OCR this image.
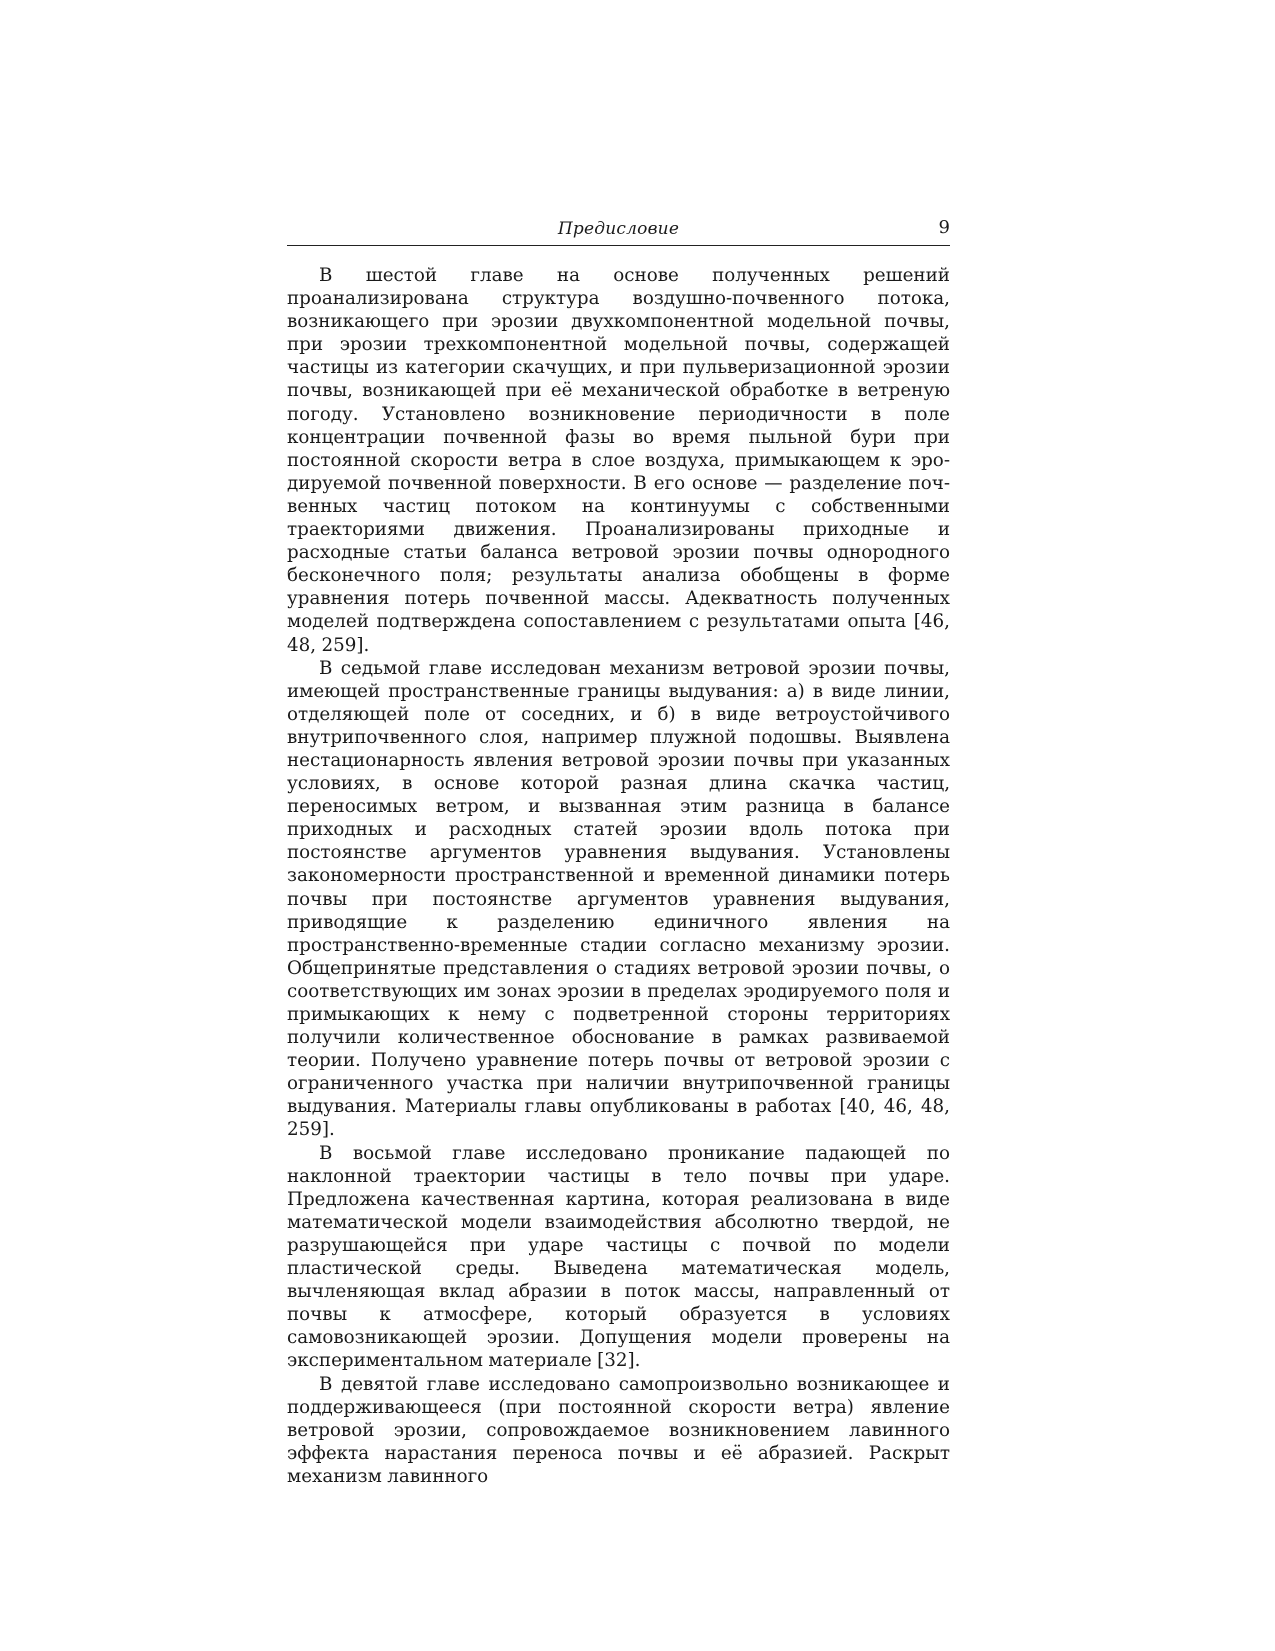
Предисловие	9

В шестой главе на основе полученных решений проанализирована структура воздушно-почвенного потока, возникающего при эрозии двухкомпонентной модельной почвы, при эрозии трехкомпонентной модельной почвы, содержащей частицы из категории скачущих, и при пульверизационной эрозии почвы, возникающей при её механической обработке в ветреную погоду. Установлено возникновение периодичности в поле концентрации почвенной фазы во время пыльной бури при постоянной скорости ветра в слое воздуха, примыкающем к эродируемой почвенной поверхности. В его основе — разделение почвенных частиц потоком на континуумы с собственными траекториями движения. Проанализированы приходные и расходные статьи баланса ветровой эрозии почвы однородного бесконечного поля; результаты анализа обобщены в форме уравнения потерь почвенной массы. Адекватность полученных моделей подтверждена сопоставлением с результатами опыта [46, 48, 259].

В седьмой главе исследован механизм ветровой эрозии почвы, имеющей пространственные границы выдувания: а) в виде линии, отделяющей поле от соседних, и б) в виде ветроустойчивого внутрипочвенного слоя, например плужной подошвы. Выявлена нестационарность явления ветровой эрозии почвы при указанных условиях, в основе которой разная длина скачка частиц, переносимых ветром, и вызванная этим разница в балансе приходных и расходных статей эрозии вдоль потока при постоянстве аргументов уравнения выдувания. Установлены закономерности пространственной и временной динамики потерь почвы при постоянстве аргументов уравнения выдувания, приводящие к разделению единичного явления на пространственно-временные стадии согласно механизму эрозии. Общепринятые представления о стадиях ветровой эрозии почвы, о соответствующих им зонах эрозии в пределах эродируемого поля и примыкающих к нему с подветренной стороны территориях получили количественное обоснование в рамках развиваемой теории. Получено уравнение потерь почвы от ветровой эрозии с ограниченного участка при наличии внутрипочвенной границы выдувания. Материалы главы опубликованы в работах [40, 46, 48, 259].

В восьмой главе исследовано проникание падающей по наклонной траектории частицы в тело почвы при ударе. Предложена качественная картина, которая реализована в виде математической модели взаимодействия абсолютно твердой, не разрушающейся при ударе частицы с почвой по модели пластической среды. Выведена математическая модель, вычленяющая вклад абразии в поток массы, направленный от почвы к атмосфере, который образуется в условиях самовозникающей эрозии. Допущения модели проверены на экспериментальном материале [32].

В девятой главе исследовано самопроизвольно возникающее и поддерживающееся (при постоянной скорости ветра) явление ветровой эрозии, сопровождаемое возникновением лавинного эффекта нарастания переноса почвы и её абразией. Раскрыт механизм лавинного
